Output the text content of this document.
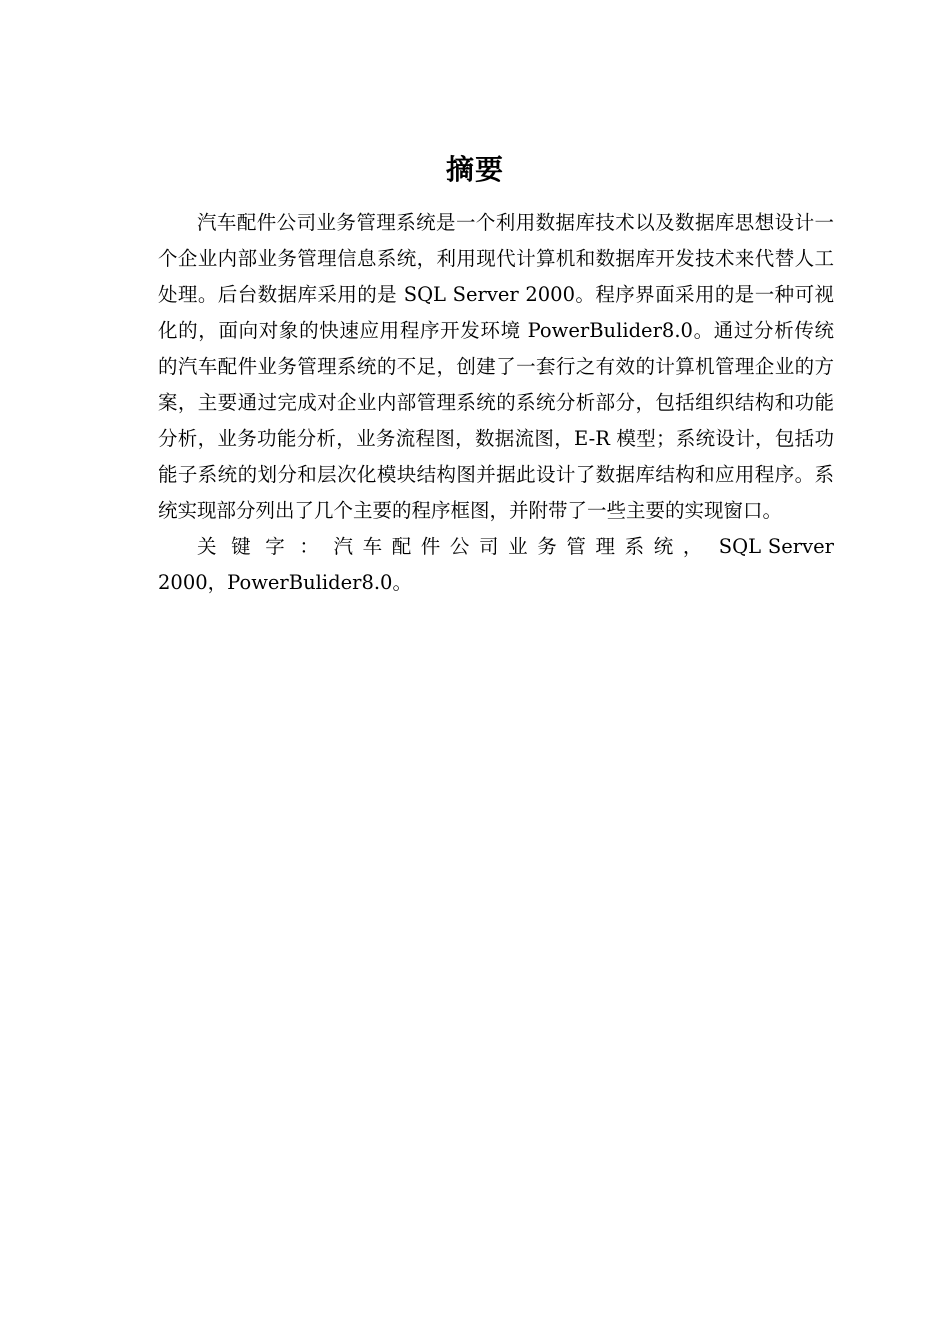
摘要

汽车配件公司业务管理系统是一个利用数据库技术以及数据库思想设计一个企业内部业务管理信息系统，利用现代计算机和数据库开发技术来代替人工处理。后台数据库采用的是 SQL Server 2000。程序界面采用的是一种可视化的，面向对象的快速应用程序开发环境 PowerBulider8.0。通过分析传统的汽车配件业务管理系统的不足，创建了一套行之有效的计算机管理企业的方案，主要通过完成对企业内部管理系统的系统分析部分，包括组织结构和功能分析，业务功能分析，业务流程图，数据流图，E-R 模型；系统设计，包括功能子系统的划分和层次化模块结构图并据此设计了数据库结构和应用程序。系统实现部分列出了几个主要的程序框图，并附带了一些主要的实现窗口。

关键字：汽车配件公司业务管理系统， SQL Server 2000，PowerBulider8.0。
